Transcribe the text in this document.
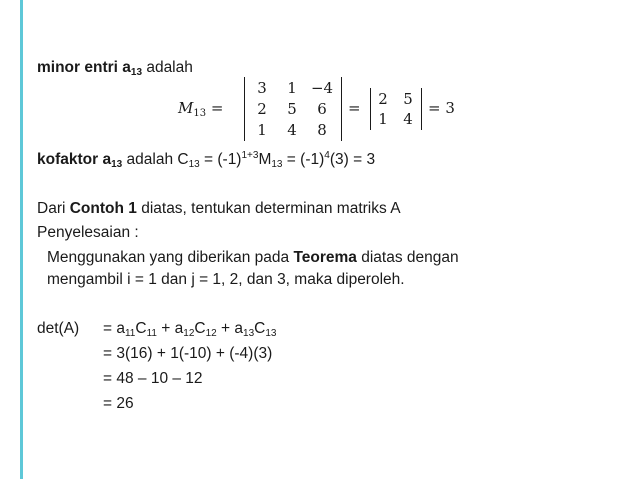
minor entri $a_{13}$ adalah
$M_{13}$ =
3	1 −4
2	5	6
1	4	8
=	2	5
1	4
= 3
kofaktor $a_{13}$ adalah $C_{13} = (-1)^{1+3}M_{13} = (-1)^4(3) = 3$
Dari Contoh 1 diatas, tentukan determinan matriks A
Penyelesaian :
Menggunakan yang diberikan pada Teorema diatas dengan
mengambil i = 1 dan j = 1, 2, dan 3, maka diperoleh.
$\det(A) = a_{11}C_{11} + a_{12}C_{12} + a_{13}C_{13}$
= 3(16) + 1(-10) + (-4)(3)
= 48 – 10 – 12
= 26
